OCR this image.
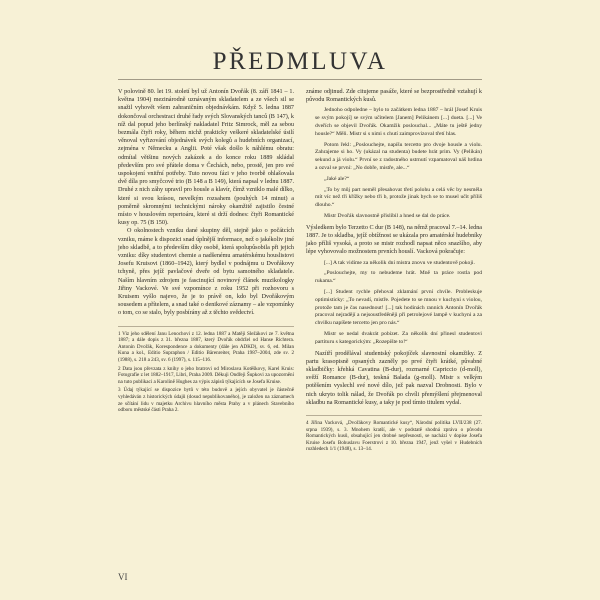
PŘEDMLUVA

V polovině 80. let 19. století byl už Antonín Dvořák (8. září 1841 – 1. května 1904) mezinárodně uznávaným skladatelem a ze všech sil se snažil vyhovět všem zahraničním objednávkám. Když 5. ledna 1887 dokončoval orchestraci druhé řady svých Slovanských tanců (B 147), k níž dal popud jeho berlínský nakladatel Fritz Simrock, měl za sebou bezmála čtyři roky, během nichž prakticky veškeré skladatelské úsilí věnoval vyřizování objednávek svých kolegů a hudebních organizací, zejména v Německu a Anglii. Poté však došlo k náhlému obratu: odmítal většinu nových zakázek a do konce roku 1889 skládal především pro své přátele doma v Čechách, nebo, prostě, jen pro své uspokojení vnitřní potřeby. Tuto novou fázi v jeho tvorbě ohlašovala dvě díla pro smyčcové trio (B 148 a B 149), která napsal v lednu 1887. Druhé z nich záhy upravil pro housle a klavír, čímž vzniklo malé dílko, které si svou krásou, nevelkým rozsahem (pouhých 14 minut) a poměrně skromnými technickými nároky okamžitě zajistilo čestné místo v houslovém repertoáru, které si drží dodnes: čtyři Romantické kusy op. 75 (B 150).

O okolnostech vzniku dané skupiny děl, stejně jako o počátcích vzniku, máme k dispozici snad úplnější informace, než o jakékoliv jiné jeho skladbě, a to především díky osobě, která spolupůsobila při jejich vzniku: díky studentovi chemie a nadšenému amatérskému houslistovi Josefu Kruisovi (1860–1942), který bydlel v podnájmu u Dvořákovy tchyně, přes jejíž pavlačové dveře od bytu samotného skladatele. Naším hlavním zdrojem je fascinující novinový článek muzikologky Jiřiny Vackové. Ve své vzpomínce z roku 1952 při rozhovoru s Kruisem vyšlo najevo, že je to právě on, kdo byl Dvořákovým sousedem a přítelem, a snad také o denikové záznamy – ale vzpomínky o tom, co se stalo, byly posbírány až z těchto svědectví.

1 Viz jeho sdělení Janu Lenochovi z 12. ledna 1887 a Matěji Sležákovi ze 7. května 1887; a dále dopis z 31. března 1887, který Dvořák obdržel od Hanse Richtera. Antonín Dvořák, Korespondence a dokumenty (dále jen ADKD), sv. 6, ed. Milan Kuna a kol., Editio Supraphon / Editio Bärenreiter, Praha 1987–2004, zde sv. 2 (1988), s. 218 a 243, sv. 6 (1997), s. 115–116.

2 Data jsou převzata z knihy o jeho bratrovi od Miroslava Kotěškovy, Karel Kruis: Fotografie z let 1882–1917, Libri, Praha 2009. Děkuji Ondřeji Šupkovi za upozornění na tuto publikaci a Karolíně Hughes za výpis zápisů týkajících se Josefa Kruise.

3 Údaj týkající se dispozice bytů v této budově a jejích obyvatel je částečně vyhledáván z historických údajů (dosud nepublikovaného), je založen na záznamech ze sčítání lidu v majetku Archivu hlavního města Prahy a v plánech Stavebního odboru městské části Praha 2.

známe odjinud. Zde citujeme pasáže, které se bezprostředně vztahují k původu Romantických kusů.

Jednoho odpoledne – bylo to začátkem ledna 1887 – hrál [Josef Kruis se svým pokojí] se svým učitelem [Janem] Pelikánem [...] dueta. [...] Ve dveřích se objevil Dvořák. Okamžik poslouchal... „Máte tu ještě jedny housle?“ Měli. Mistr si s nimi s chutí zaimprovizoval třetí hlas.

Potom řekl: „Poslouchejte, napíšu tercetto pro dvoje housle a violu. Zahrajeme si ho. Vy (ukázal na studenta) budete hrát prim. Vy (Pelikán) sekund a já violu.“ První se z radostného ustrnutí vzpamatoval náš hrdina a ozval se první: „No dobře, mistře, ale...“

„Jaké ale?“

„To by můj part neměl přesahovat třetí polohu a celá věc by nesměla mít víc než tři křížky nebo tři b, protože jinak bych se to musel učit příliš dlouho.“

Mistr Dvořák slavnostně přislíbil a hned se dal do práce.

Výsledkem bylo Terzetto C dur (B 148), na němž pracoval 7.–14. ledna 1887. Je to skladba, jejíž obtížnost se ukázala pro amatérské hudebníky jako příliš vysoká, a proto se mistr rozhodl napsat něco snazšího, aby lépe vyhovovalo možnostem prvních houslí. Vacková pokračuje:

[...] A tak vidíme za několik dní mistra znovu ve studentově pokoji.

„Poslouchejte, my to nebudeme hrát. Mně ta práce rostla pod rukama.“

[...] Student rychle přehoval zklamání první chvíle. Probleskuje optimisticky: „To nevadí, mistře. Pojedete to se mnou v kuchyni s violou, protože tam je čas nasednout! [...] tak hodinách ranních Antonín Dvořák pracoval nejradějí a nejsoustředěněji při petrolejové lampě v kuchyni a za chvilku napíšete tercetto jen pro nás.“

Mistr se nedal dvakrát pobízet. Za několik dní přinesl studentovi partituru s kategorickým: „Rozepište to!“

Nazítří prodělával studentský pokojíček slavnostní okamžiky. Z partu krasopisně opsaných zazněly po prvé čtyři krátké, půvabné skladbičky: křehká Cavatina (B-dur), rozmarné Capriccio (d-moll), svěží Romance (B-dur), teskná Balada (g-moll). Mistr s velkým potěšením vyslechl své nové dílo, jež pak nazval Drobnosti. Bylo v nich ukryto tolik nálad, že Dvořák po chvíli přemýšlení přejmenoval skladbu na Romantické kusy, a taky je pod tímto titulem vydal.

4 Jiřina Vacková, „Dvořákovy Romantické kusy“, Národní politika LVII/238 (27. srpna 1939), s. 3. Mnohem kratší, ale v podstatě shodná zpráva o původu Romantických kusů, obsahující jen drobné nepřesnosti, se nachází v dopise Josefa Kruise Josefu Bohuslavu Foerstrovi z 10. března 1947, jenž vyšel v Hudebních rozhledech 1/1 (1948), s. 13–14.

VI
